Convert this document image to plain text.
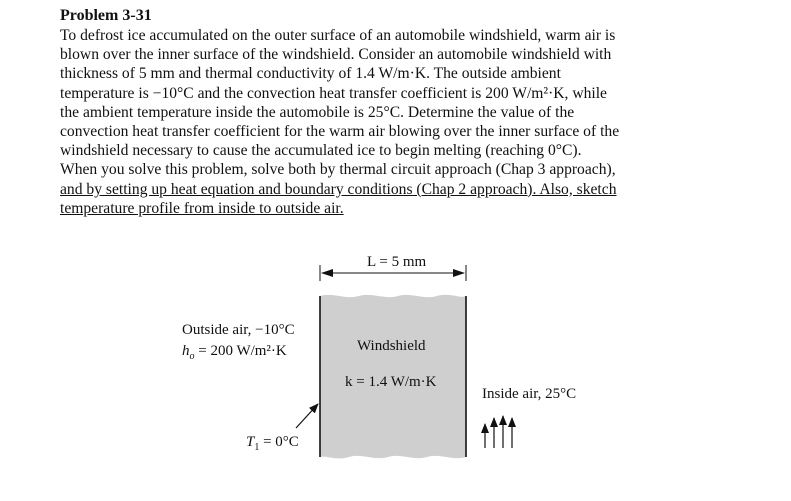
Problem 3-31

To defrost ice accumulated on the outer surface of an automobile windshield, warm air is
blown over the inner surface of the windshield. Consider an automobile windshield with
thickness of 5 mm and thermal conductivity of 1.4 W/m·K. The outside ambient
temperature is −10°C and the convection heat transfer coefficient is 200 W/m²·K, while
the ambient temperature inside the automobile is 25°C. Determine the value of the
convection heat transfer coefficient for the warm air blowing over the inner surface of the
windshield necessary to cause the accumulated ice to begin melting (reaching 0°C).
When you solve this problem, solve both by thermal circuit approach (Chap 3 approach),
and by setting up heat equation and boundary conditions (Chap 2 approach). Also, sketch
temperature profile from inside to outside air.
L = 5 mm
Outside air, −10°C
$h_o = 200$ W/m²·K	Windshield
k = 1.4 W/m·K
Inside air, 25°C
$T_1 = 0^\circ C$
